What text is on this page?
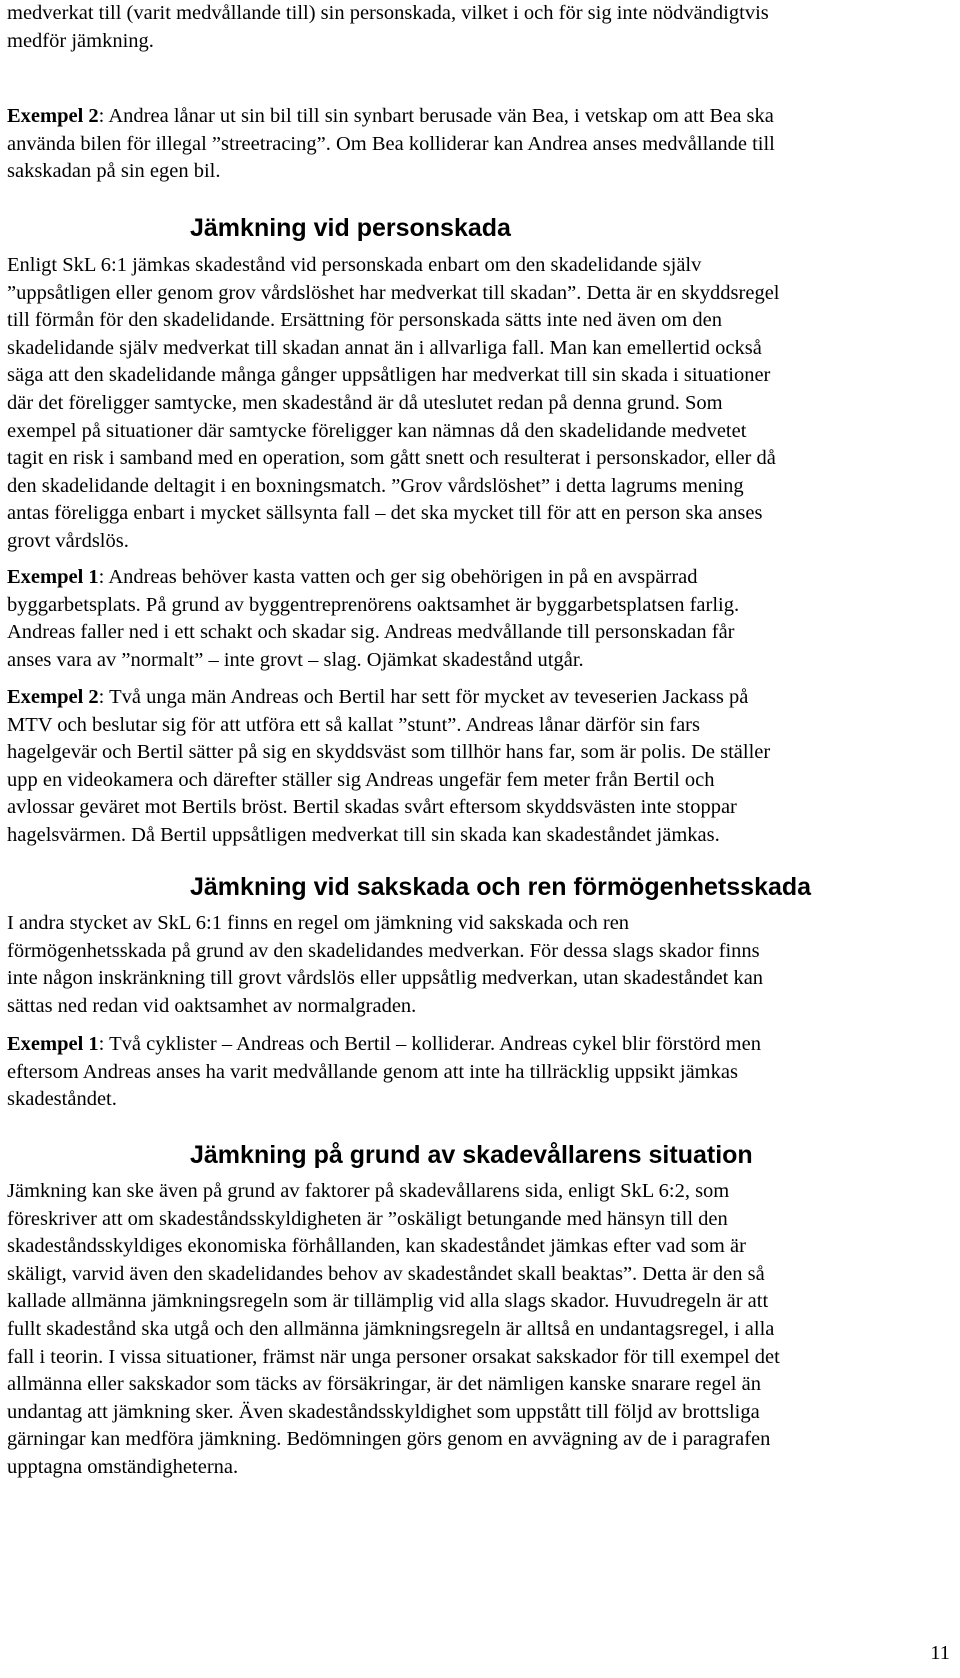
medverkat till (varit medvållande till) sin personskada, vilket i och för sig inte nödvändigtvis
medför jämkning.

Exempel 2: Andrea lånar ut sin bil till sin synbart berusade vän Bea, i vetskap om att Bea ska
använda bilen för illegal ”streetracing”. Om Bea kolliderar kan Andrea anses medvållande till
sakskadan på sin egen bil.

Jämkning vid personskada

Enligt SkL 6:1 jämkas skadestånd vid personskada enbart om den skadelidande själv
”uppsåtligen eller genom grov vårdslöshet har medverkat till skadan”. Detta är en skyddsregel
till förmån för den skadelidande. Ersättning för personskada sätts inte ned även om den
skadelidande själv medverkat till skadan annat än i allvarliga fall. Man kan emellertid också
säga att den skadelidande många gånger uppsåtligen har medverkat till sin skada i situationer
där det föreligger samtycke, men skadestånd är då uteslutet redan på denna grund. Som
exempel på situationer där samtycke föreligger kan nämnas då den skadelidande medvetet
tagit en risk i samband med en operation, som gått snett och resulterat i personskador, eller då
den skadelidande deltagit i en boxningsmatch. ”Grov vårdslöshet” i detta lagrums mening
antas föreligga enbart i mycket sällsynta fall – det ska mycket till för att en person ska anses
grovt vårdslös.

Exempel 1: Andreas behöver kasta vatten och ger sig obehörigen in på en avspärrad
byggarbetsplats. På grund av byggentreprenörens oaktsamhet är byggarbetsplatsen farlig.
Andreas faller ned i ett schakt och skadar sig. Andreas medvållande till personskadan får
anses vara av ”normalt” – inte grovt – slag. Ojämkat skadestånd utgår.

Exempel 2: Två unga män Andreas och Bertil har sett för mycket av teveserien Jackass på
MTV och beslutar sig för att utföra ett så kallat ”stunt”. Andreas lånar därför sin fars
hagelgevär och Bertil sätter på sig en skyddsväst som tillhör hans far, som är polis. De ställer
upp en videokamera och därefter ställer sig Andreas ungefär fem meter från Bertil och
avlossar geväret mot Bertils bröst. Bertil skadas svårt eftersom skyddsvästen inte stoppar
hagelsvärmen. Då Bertil uppsåtligen medverkat till sin skada kan skadeståndet jämkas.

Jämkning vid sakskada och ren förmögenhetsskada

I andra stycket av SkL 6:1 finns en regel om jämkning vid sakskada och ren
förmögenhetsskada på grund av den skadelidandes medverkan. För dessa slags skador finns
inte någon inskränkning till grovt vårdslös eller uppsåtlig medverkan, utan skadeståndet kan
sättas ned redan vid oaktsamhet av normalgraden.

Exempel 1: Två cyklister – Andreas och Bertil – kolliderar. Andreas cykel blir förstörd men
eftersom Andreas anses ha varit medvållande genom att inte ha tillräcklig uppsikt jämkas
skadeståndet.

Jämkning på grund av skadevållarens situation

Jämkning kan ske även på grund av faktorer på skadevållarens sida, enligt SkL 6:2, som
föreskriver att om skadeståndsskyldigheten är ”oskäligt betungande med hänsyn till den
skadeståndsskyldiges ekonomiska förhållanden, kan skadeståndet jämkas efter vad som är
skäligt, varvid även den skadelidandes behov av skadeståndet skall beaktas”. Detta är den så
kallade allmänna jämkningsregeln som är tillämplig vid alla slags skador. Huvudregeln är att
fullt skadestånd ska utgå och den allmänna jämkningsregeln är alltså en undantagsregel, i alla
fall i teorin. I vissa situationer, främst när unga personer orsakat sakskador för till exempel det
allmänna eller sakskador som täcks av försäkringar, är det nämligen kanske snarare regel än
undantag att jämkning sker. Även skadeståndsskyldighet som uppstått till följd av brottsliga
gärningar kan medföra jämkning. Bedömningen görs genom en avvägning av de i paragrafen
upptagna omständigheterna.

11
